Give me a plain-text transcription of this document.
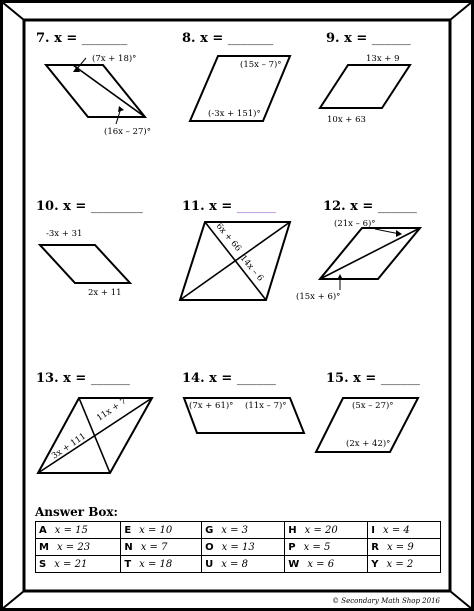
7. x = _______	8. x = _______	9. x = ______
10. x = ________	11. x = ______	12. x = ______
13. x = ______	14. x = ______	15. x = ______
(7x + 18)°
(16x – 27)°
(15x – 7)°
(-3x + 151)°
13x + 9
10x + 63
-3x + 31
2x + 11
6x + 66
14x – 6
(21x – 6)°
(15x + 6)°
3x + 111
11x + 7	(7x + 61)° (11x – 7)°	(5x – 27)°
(2x + 42)°
Answer Box:
A x = 15	E x = 10	G x = 3	H x = 20	I x = 4
M x = 23	N x = 7	O x = 13	P x = 5	R x = 9
S x = 21	T x = 18	U x = 8	W x = 6	Y x = 2
© Secondary Math Shop 2016
